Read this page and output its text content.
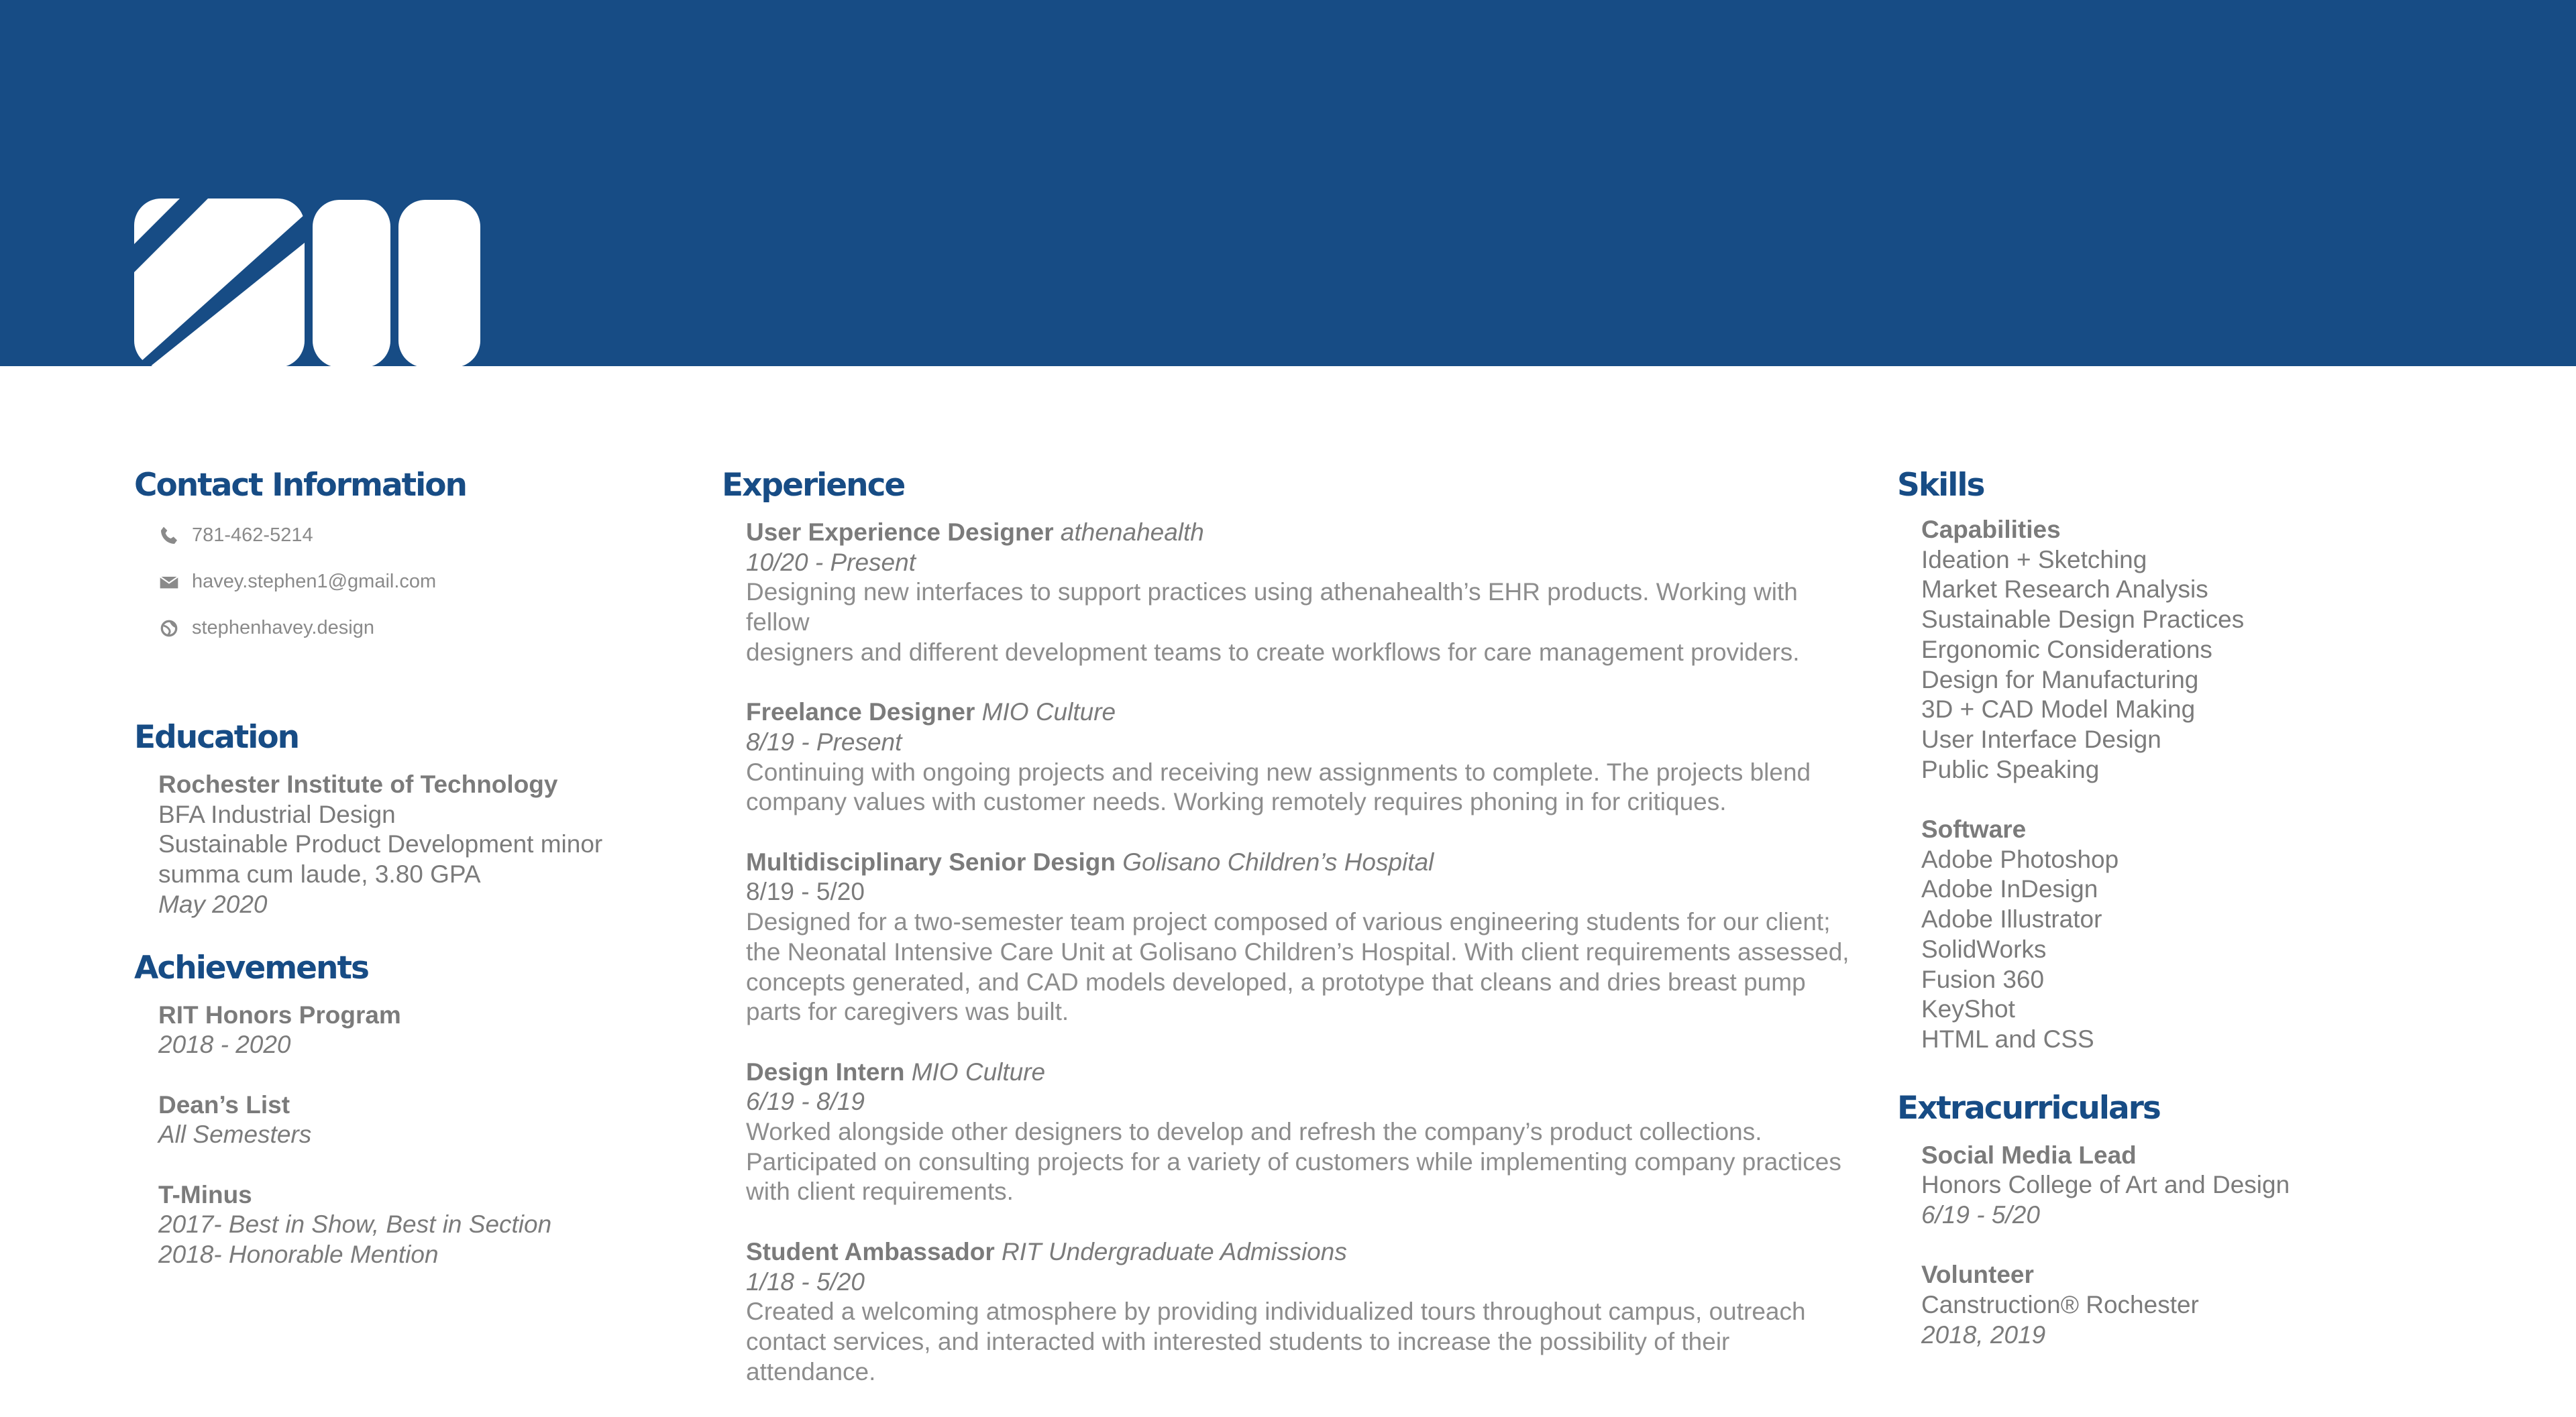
Contact Information
781-462-5214
havey.stephen1@gmail.com
stephenhavey.design
Education
Rochester Institute of Technology
BFA Industrial Design
Sustainable Product Development minor
summa cum laude, 3.80 GPA
May 2020
Achievements
RIT Honors Program
2018 - 2020
Dean’s List
All Semesters
T-Minus
2017- Best in Show, Best in Section
2018- Honorable Mention
Experience
User Experience Designer athenahealth
10/20 - Present
Designing new interfaces to support practices using athenahealth’s EHR products. Working with fellow
designers and different development teams to create workflows for care management providers.
Freelance Designer MIO Culture
8/19 - Present
Continuing with ongoing projects and receiving new assignments to complete. The projects blend
company values with customer needs. Working remotely requires phoning in for critiques.
Multidisciplinary Senior Design Golisano Children’s Hospital
8/19 - 5/20
Designed for a two-semester team project composed of various engineering students for our client;
the Neonatal Intensive Care Unit at Golisano Children’s Hospital. With client requirements assessed,
concepts generated, and CAD models developed, a prototype that cleans and dries breast pump
parts for caregivers was built.
Design Intern MIO Culture
6/19 - 8/19
Worked alongside other designers to develop and refresh the company’s product collections.
Participated on consulting projects for a variety of customers while implementing company practices
with client requirements.
Student Ambassador RIT Undergraduate Admissions
1/18 - 5/20
Created a welcoming atmosphere by providing individualized tours throughout campus, outreach
contact services, and interacted with interested students to increase the possibility of their attendance.
Skills
Capabilities
Ideation + Sketching
Market Research Analysis
Sustainable Design Practices
Ergonomic Considerations
Design for Manufacturing
3D + CAD Model Making
User Interface Design
Public Speaking
Software
Adobe Photoshop
Adobe InDesign
Adobe Illustrator
SolidWorks
Fusion 360
KeyShot
HTML and CSS
Extracurriculars
Social Media Lead
Honors College of Art and Design
6/19 - 5/20
Volunteer
Canstruction® Rochester
2018, 2019
